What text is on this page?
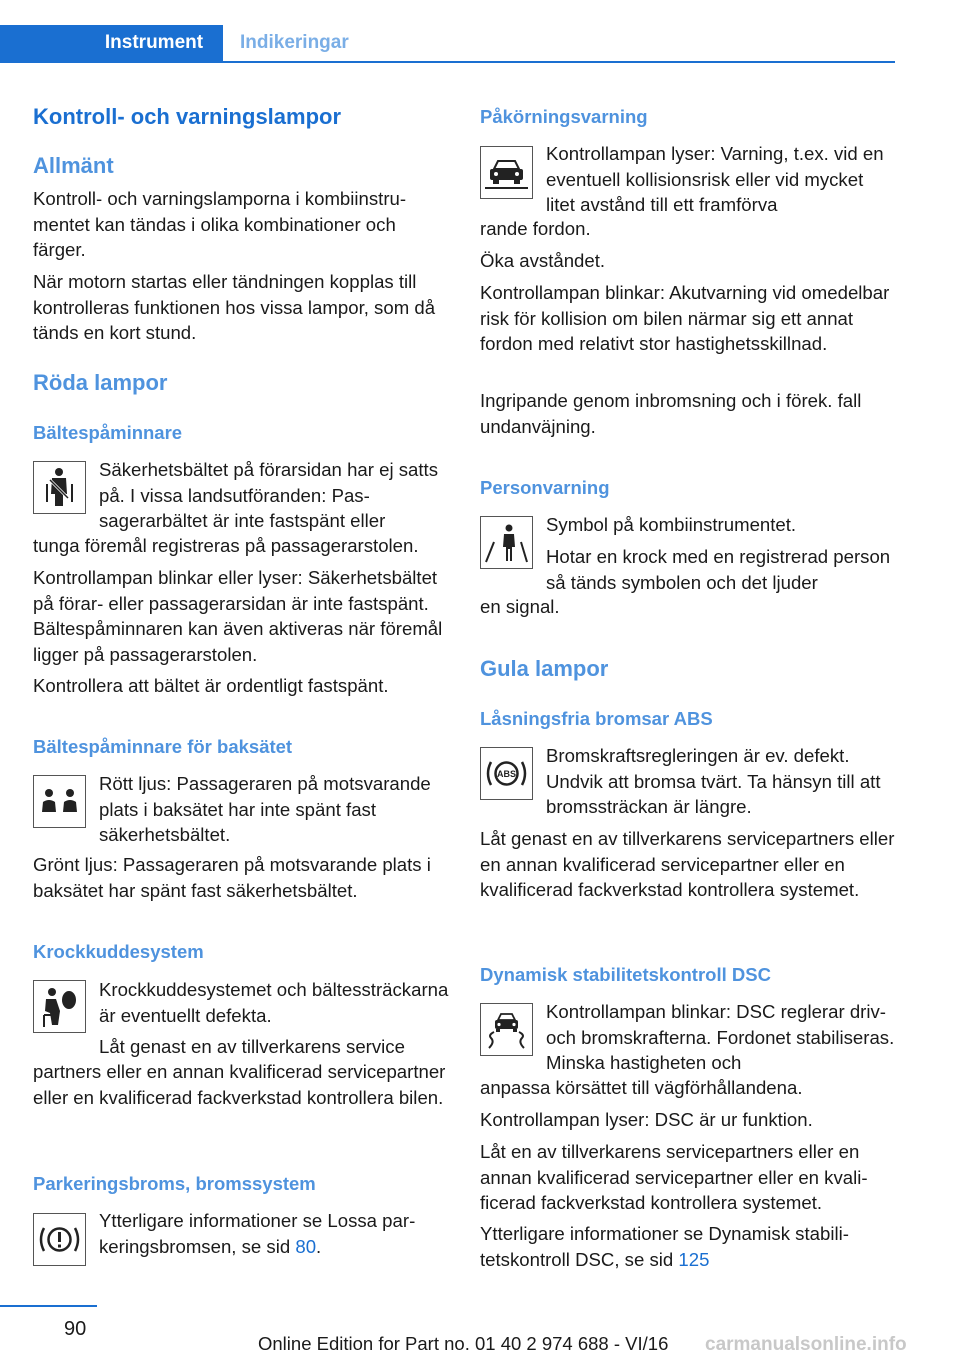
Instrument	Indikeringar
Kontroll- och varningslampor
Allmänt
Kontroll- och varningslamporna i kombiinstrumentet kan tändas i olika kombinationer och färger.
När motorn startas eller tändningen kopplas till kontrolleras funktionen hos vissa lampor, som då tänds en kort stund.
Röda lampor
Bältespåminnare
Säkerhetsbältet på förarsidan har ej satts på. I vissa landsutföranden: Passagerarbältet är inte fastspänt eller
tunga föremål registreras på passagerarstolen.
Kontrollampan blinkar eller lyser: Säkerhetsbältet på förar- eller passagerarsidan är inte fastspänt. Bältespåminnaren kan även aktiveras när föremål ligger på passagerarstolen.
Kontrollera att bältet är ordentligt fastspänt.
Bältespåminnare för baksätet
Rött ljus: Passageraren på motsvarande plats i baksätet har inte spänt fast säkerhetsbältet.
Grönt ljus: Passageraren på motsvarande plats i baksätet har spänt fast säkerhetsbältet.
Krockkuddesystem
Krockkuddesystemet och bältessträckarna är eventuellt defekta.
Låt genast en av tillverkarens service
partners eller en annan kvalificerad servicepartner eller en kvalificerad fackverkstad kontrollera bilen.
Parkeringsbroms, bromssystem
Ytterligare informationer se Lossa parkeringsbromsen, se sid 80.
Påkörningsvarning
Kontrollampan lyser: Varning, t.ex. vid en eventuell kollisionsrisk eller vid mycket litet avstånd till ett framförva
rande fordon.
Öka avståndet.
Kontrollampan blinkar: Akutvarning vid omedelbar risk för kollision om bilen närmar sig ett annat fordon med relativt stor hastighetsskillnad.
Ingripande genom inbromsning och i förek. fall undanväjning.
Personvarning
Symbol på kombiinstrumentet.
Hotar en krock med en registrerad person så tänds symbolen och det ljuder
en signal.
Gula lampor
Låsningsfria bromsar ABS
ABS
Bromskraftsregleringen är ev. defekt. Undvik att bromsa tvärt. Ta hänsyn till att bromssträckan är längre.
Låt genast en av tillverkarens servicepartners eller en annan kvalificerad servicepartner eller en kvalificerad fackverkstad kontrollera systemet.
Dynamisk stabilitetskontroll DSC
Kontrollampan blinkar: DSC reglerar driv- och bromskrafterna. Fordonet stabiliseras. Minska hastigheten och
anpassa körsättet till vägförhållandena.
Kontrollampan lyser: DSC är ur funktion.
Låt en av tillverkarens servicepartners eller en annan kvalificerad servicepartner eller en kvalificerad fackverkstad kontrollera systemet.
Ytterligare informationer se Dynamisk stabilitetskontroll DSC, se sid 125
90
Online Edition for Part no. 01 40 2 974 688 - VI/16 carmanualsonline.info
